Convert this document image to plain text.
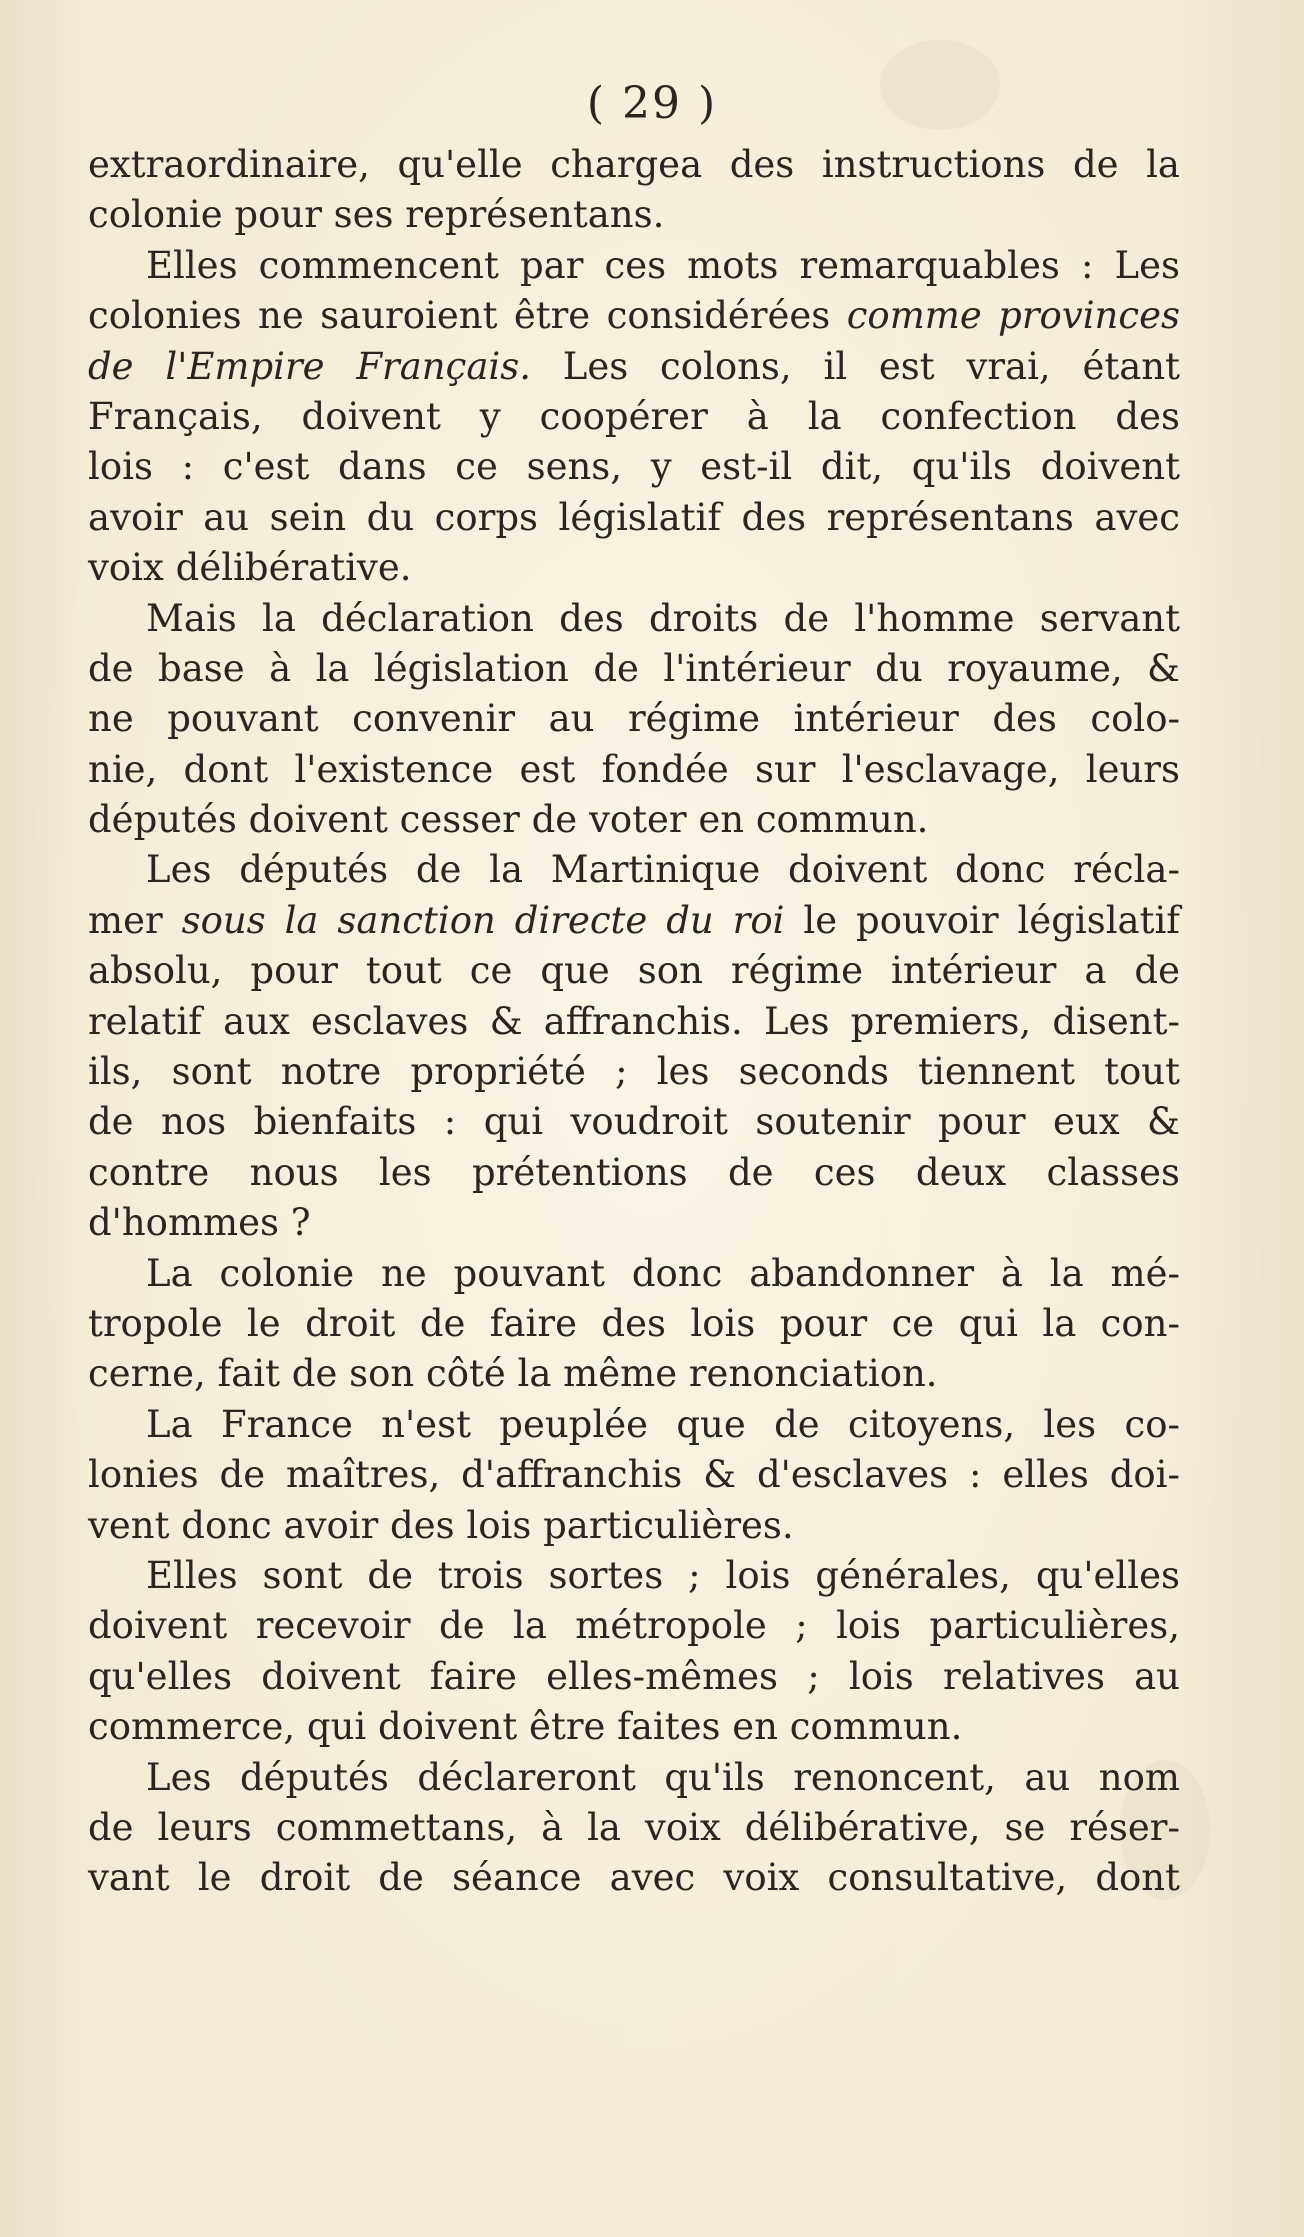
( 29 )
extraordinaire, qu'elle chargea des instructions de la
colonie pour ses représentans.
Elles commencent par ces mots remarquables : Les
colonies ne sauroient être considérées comme provinces
de l'Empire Français. Les colons, il est vrai, étant
Français, doivent y coopérer à la confection des
lois : c'est dans ce sens, y est-il dit, qu'ils doivent
avoir au sein du corps législatif des représentans avec
voix délibérative.
Mais la déclaration des droits de l'homme servant
de base à la législation de l'intérieur du royaume, &
ne pouvant convenir au régime intérieur des colo-
nie, dont l'existence est fondée sur l'esclavage, leurs
députés doivent cesser de voter en commun.
Les députés de la Martinique doivent donc récla-
mer sous la sanction directe du roi le pouvoir législatif
absolu, pour tout ce que son régime intérieur a de
relatif aux esclaves & affranchis. Les premiers, disent-
ils, sont notre propriété ; les seconds tiennent tout
de nos bienfaits : qui voudroit soutenir pour eux &
contre nous les prétentions de ces deux classes
d'hommes ?
La colonie ne pouvant donc abandonner à la mé-
tropole le droit de faire des lois pour ce qui la con-
cerne, fait de son côté la même renonciation.
La France n'est peuplée que de citoyens, les co-
lonies de maîtres, d'affranchis & d'esclaves : elles doi-
vent donc avoir des lois particulières.
Elles sont de trois sortes ; lois générales, qu'elles
doivent recevoir de la métropole ; lois particulières,
qu'elles doivent faire elles-mêmes ; lois relatives au
commerce, qui doivent être faites en commun.
Les députés déclareront qu'ils renoncent, au nom
de leurs commettans, à la voix délibérative, se réser-
vant le droit de séance avec voix consultative, dont
